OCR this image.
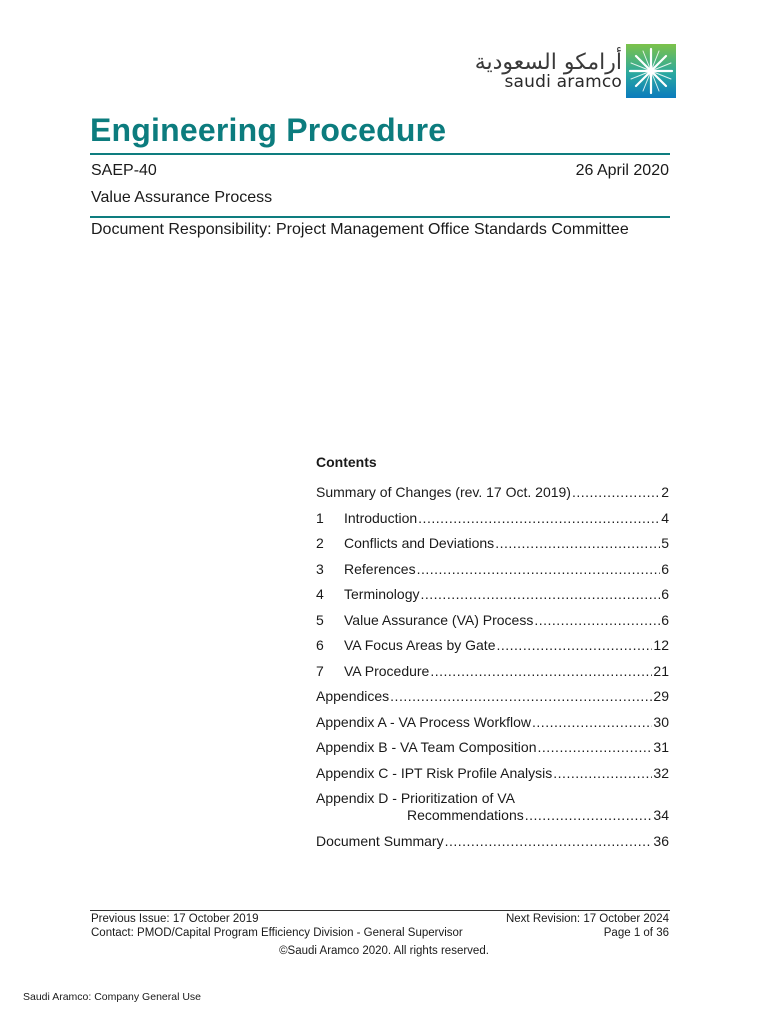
أرامكو السعودية
saudi aramco
Engineering Procedure
SAEP-40	26 April 2020
Value Assurance Process
Document Responsibility: Project Management Office Standards Committee
Contents
Summary of Changes (rev. 17 Oct. 2019) .....	2
1	Introduction .....	4
2	Conflicts and Deviations .....	5
3	References .....	6
4	Terminology .....	6
5	Value Assurance (VA) Process .....	6
6	VA Focus Areas by Gate .....	12
7	VA Procedure .....	21
Appendices .....	29
Appendix A - VA Process Workflow .....	30
Appendix B - VA Team Composition .....	31
Appendix C - IPT Risk Profile Analysis .....	32
Appendix D - Prioritization of VA
Recommendations .....	34
Document Summary .....	36
Previous Issue: 17 October 2019
Contact: PMOD/Capital Program Efficiency Division - General Supervisor
Next Revision: 17 October 2024
Page 1 of 36
©Saudi Aramco 2020. All rights reserved.
Saudi Aramco: Company General Use
